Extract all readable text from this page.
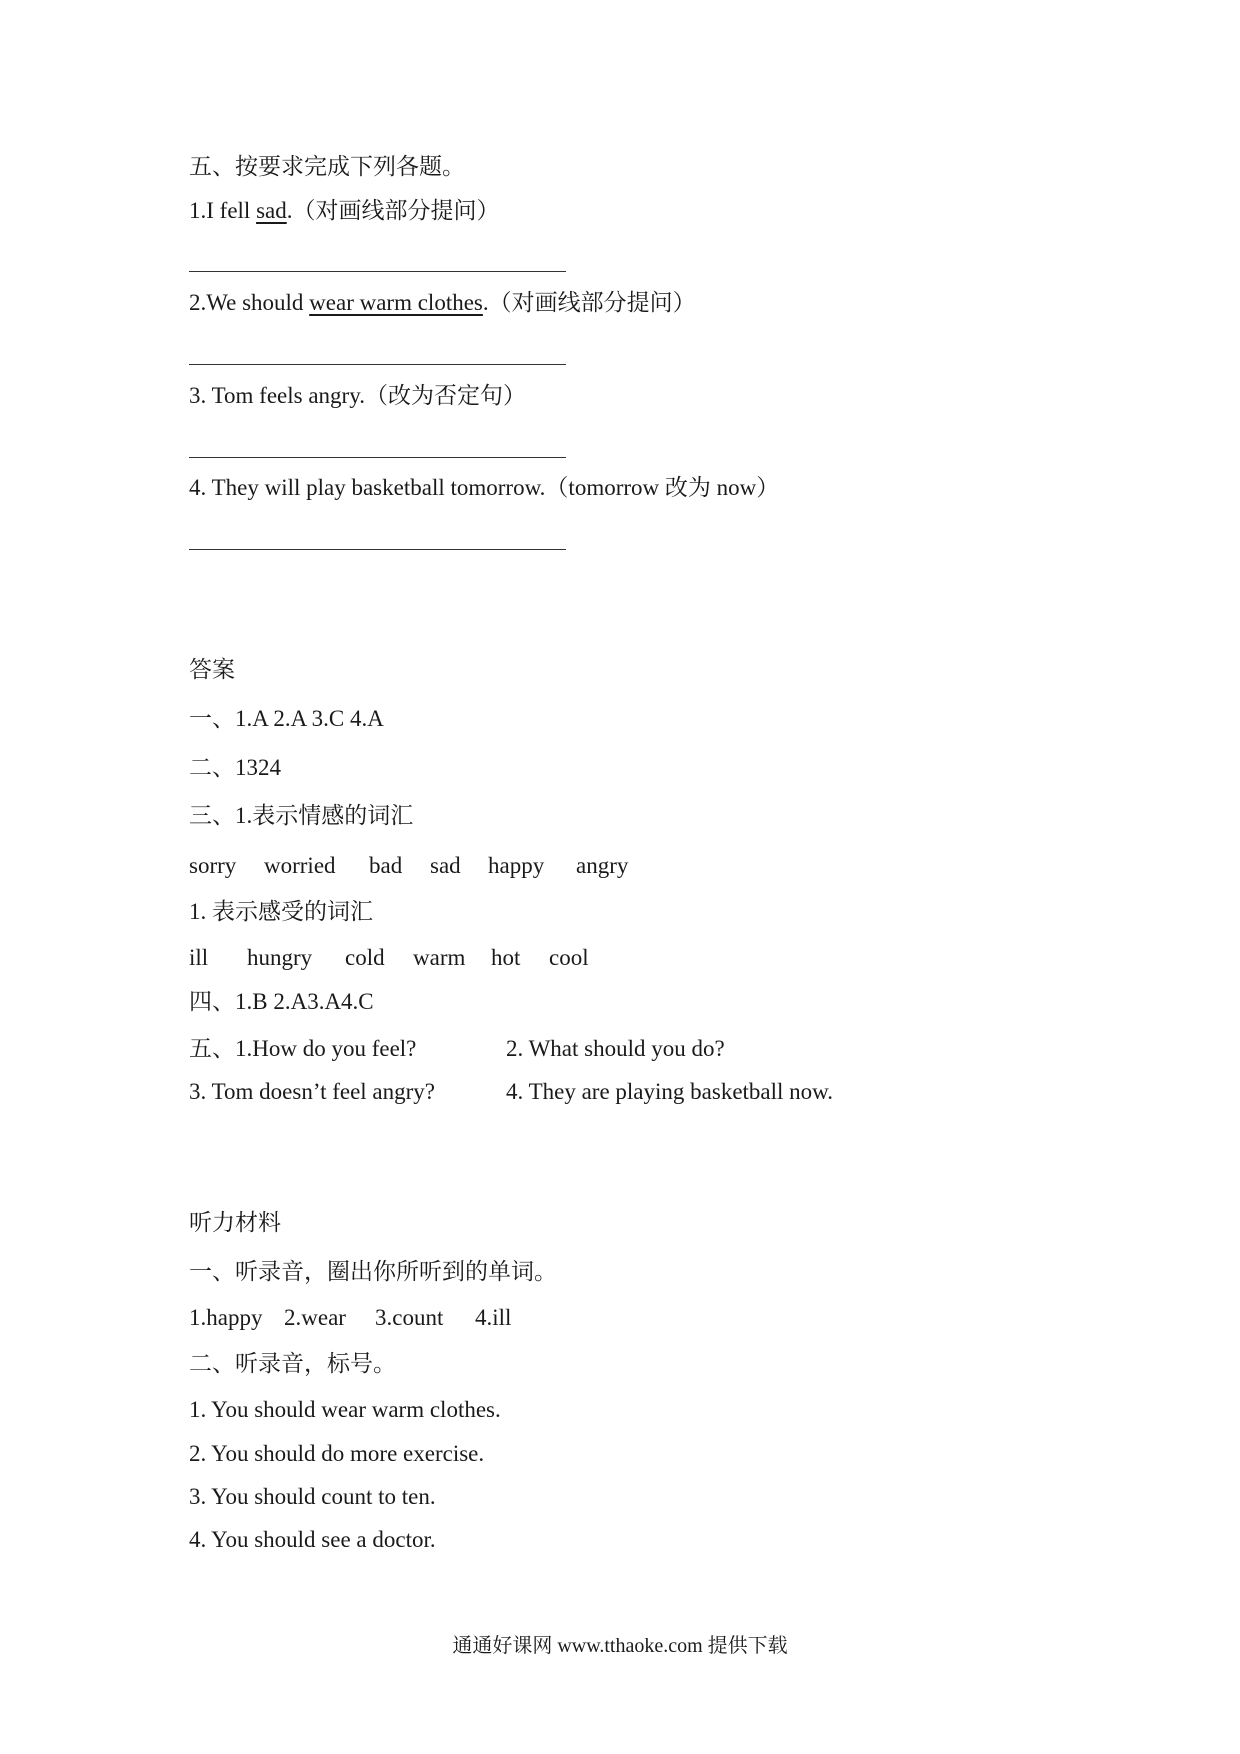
五、按要求完成下列各题。
1.I fell sad.（对画线部分提问）
2.We should wear warm clothes.（对画线部分提问）
3. Tom feels angry.（改为否定句）
4. They will play basketball tomorrow.（tomorrow 改为 now）
答案
一、1.A 2.A 3.C 4.A
二、1324
三、1.表示情感的词汇
sorry worried bad sad happy angry
1. 表示感受的词汇
ill hungry cold warm hot cool
四、1.B 2.A3.A4.C
五、1.How do you feel?	2. What should you do?
3. Tom doesn’t feel angry?	4. They are playing basketball now.
听力材料
一、听录音，圈出你所听到的单词。
1.happy 2.wear 3.count 4.ill
二、听录音，标号。
1. You should wear warm clothes.
2. You should do more exercise.
3. You should count to ten.
4. You should see a doctor.
通通好课网 www.tthaoke.com 提供下载
